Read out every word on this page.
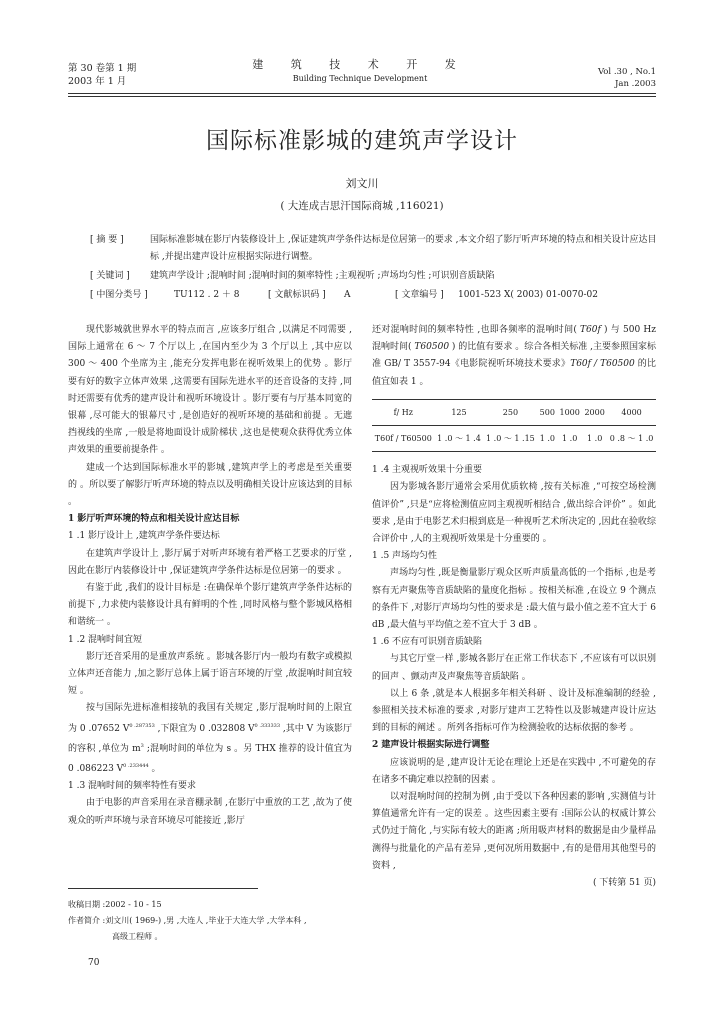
第 30 卷第 1 期
2003 年 1 月
建 筑 技 术 开 发
Building Technique Development
Vol .30 , No.1
Jan .2003
国际标准影城的建筑声学设计
刘文川
( 大连成吉思汗国际商城 ,116021)
[ 摘 要 ]	国际标准影城在影厅内装修设计上 ,保证建筑声学条件达标是位居第一的要求 ,本文介绍了影厅听声环境的特点和相关设计应达目标 ,并提出建声设计应根据实际进行调整。
[ 关键词 ] 建筑声学设计 ;混响时间 ;混响时间的频率特性 ;主观视听 ;声场均匀性 ;可识别音质缺陷
[ 中图分类号 ]	TU112 . 2 ＋ 8	[ 文献标识码 ] A	[ 文章编号 ] 1001-523 X( 2003) 01-0070-02

现代影城就世界水平的特点而言 ,应该多厅组合 ,以满足不同需要 ,国际上通常在 6 ～ 7 个厅以上 ,在国内至少为 3 个厅以上 ,其中应以 300 ～ 400 个坐席为主 ,能充分发挥电影在视听效果上的优势 。影厅要有好的数字立体声效果 ,这需要有国际先进水平的还音设备的支持 ,同时还需要有优秀的建声设计和视听环境设计 。影厅要有与厅基本同宽的银幕 ,尽可能大的银幕尺寸 ,是创造好的视听环境的基础和前提 。无遮挡视线的坐席 ,一般是将地面设计成阶梯状 ,这也是使观众获得优秀立体声效果的重要前提条件 。

建成一个达到国际标准水平的影城 ,建筑声学上的考虑是至关重要的 。所以要了解影厅听声环境的特点以及明确相关设计应该达到的目标 。

1 影厅听声环境的特点和相关设计应达目标

1 .1 影厅设计上 ,建筑声学条件要达标

在建筑声学设计上 ,影厅属于对听声环境有着严格工艺要求的厅堂 ,因此在影厅内装修设计中 ,保证建筑声学条件达标是位居第一的要求 。

有鉴于此 ,我们的设计目标是 :在确保单个影厅建筑声学条件达标的前提下 ,力求使内装修设计具有鲜明的个性 ,同时风格与整个影城风格相和谐统一 。

1 .2 混响时间宜短

影厅还音采用的是重放声系统 。影城各影厅内一般均有数字或模拟立体声还音能力 ,加之影厅总体上属于语言环境的厅堂 ,故混响时间宜较短 。

按与国际先进标准相接轨的我国有关规定 ,影厅混响时间的上限宜为 0 .07652 $V^{0 .287353}$ ,下限宜为 0 .032808 $V^{0 .333333}$ ,其中 V 为该影厅的容积 ,单位为 $m^3$ ;混响时间的单位为 s 。另 THX 推荐的设计值宜为 0 .086223 $V^{0 .233444}$ 。

1 .3 混响时间的频率特性有要求

由于电影的声音采用在录音棚录制 ,在影厅中重放的工艺 ,故为了使观众的听声环境与录音环境尽可能接近 ,影厅

还对混响时间的频率特性 ,也即各频率的混响时间( T60f ) 与 500 Hz 混响时间( T60500 ) 的比值有要求 。综合各相关标准 ,主要参照国家标准 GB/ T 3557-94《电影院视听环境技术要求》T60f / T60500 的比值宜如表 1 。

f/ Hz	125	250	500	1000	2000	4000
T60f / T60500	1 .0 ～ 1 .4	1 .0 ～ 1 .15	1 .0	1 .0	1 .0	0 .8 ～ 1 .0

1 .4 主观视听效果十分重要

因为影城各影厅通常会采用优质软椅 ,按有关标准 ,“可按空场检测值评价” ,只是“应将检测值应同主观视听相结合 ,做出综合评价” 。如此要求 ,是由于电影艺术归根到底是一种视听艺术所决定的 ,因此在验收综合评价中 ,人的主观视听效果是十分重要的 。

1 .5 声场均匀性

声场均匀性 ,既是衡量影厅观众区听声质量高低的一个指标 ,也是考察有无声聚焦等音质缺陷的量度化指标 。按相关标准 ,在设立 9 个测点的条件下 ,对影厅声场均匀性的要求是 :最大值与最小值之差不宜大于 6 dB ,最大值与平均值之差不宜大于 3 dB 。

1 .6 不应有可识别音质缺陷

与其它厅堂一样 ,影城各影厅在正常工作状态下 ,不应该有可以识别的回声 、颤动声及声聚焦等音质缺陷 。

以上 6 条 ,就是本人根据多年相关科研 、设计及标准编制的经验 ,参照相关技术标准的要求 ,对影厅建声工艺特性以及影城建声设计应达到的目标的阐述 。所列各指标可作为检测验收的达标依据的参考 。

2 建声设计根据实际进行调整

应该说明的是 ,建声设计无论在理论上还是在实践中 ,不可避免的存在诸多不确定难以控制的因素 。

以对混响时间的控制为例 ,由于受以下各种因素的影响 ,实测值与计算值通常允许有一定的误差 。这些因素主要有 :国际公认的权威计算公式仍过于简化 ,与实际有较大的距离 ;所用吸声材料的数据是由少量样品测得与批量化的产品有差异 ,更何况所用数据中 ,有的是借用其他型号的资料 ,

( 下转第 51 页)

收稿日期 :2002 - 10 - 15
作者简介 :刘文川( 1969-) ,男 ,大连人 ,毕业于大连大学 ,大学本科 ,
高级工程师 。
70
